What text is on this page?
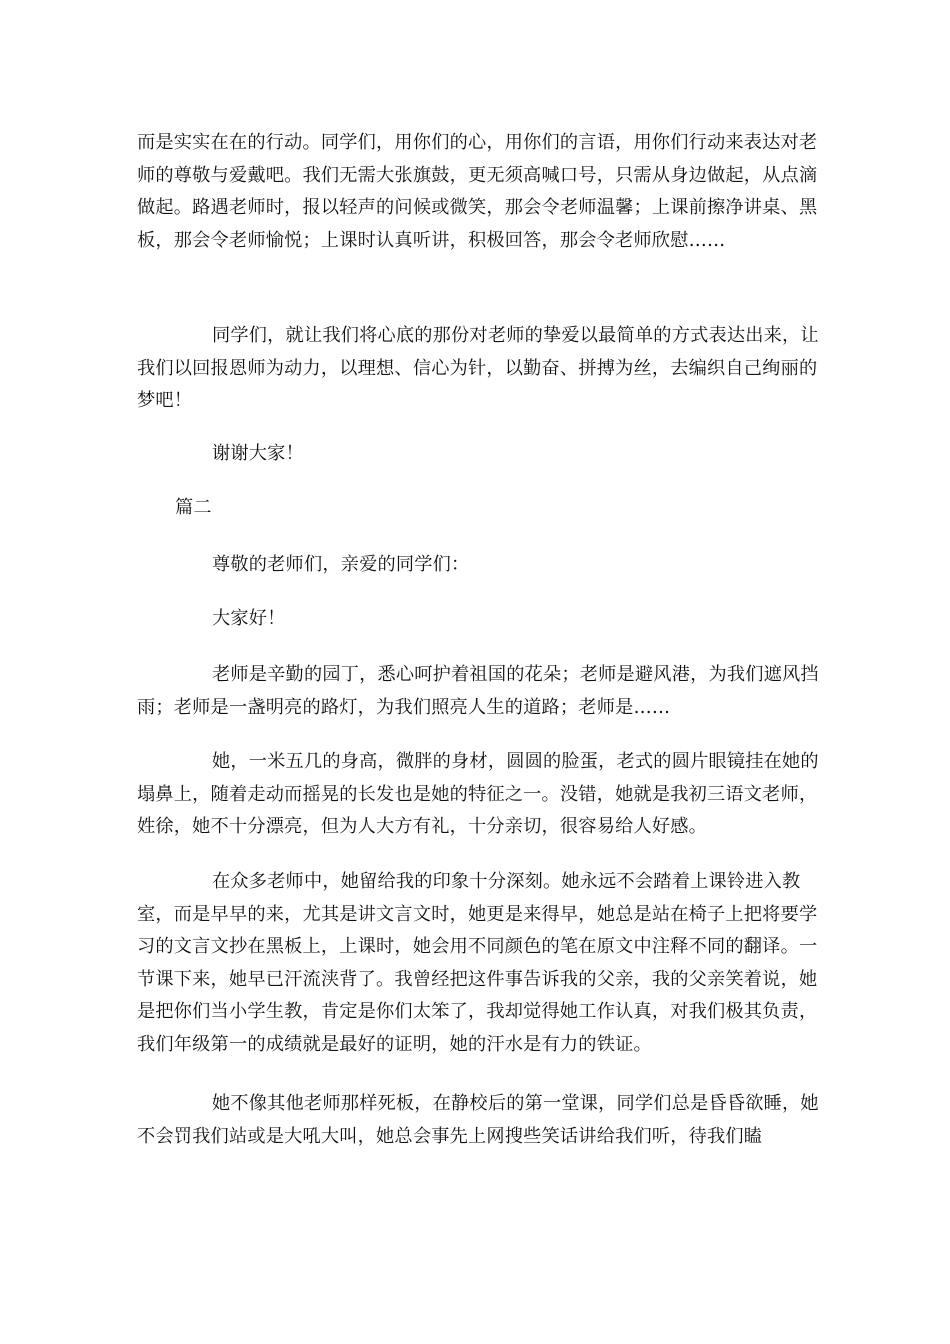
而是实实在在的行动。同学们，用你们的心，用你们的言语，用你们行动来表达对老师的尊敬与爱戴吧。我们无需大张旗鼓，更无须高喊口号，只需从身边做起，从点滴做起。路遇老师时，报以轻声的问候或微笑，那会令老师温馨；上课前擦净讲桌、黑板，那会令老师愉悦；上课时认真听讲，积极回答，那会令老师欣慰……

同学们，就让我们将心底的那份对老师的挚爱以最简单的方式表达出来，让我们以回报恩师为动力，以理想、信心为针，以勤奋、拼搏为丝，去编织自己绚丽的梦吧！

谢谢大家！

篇二

尊敬的老师们，亲爱的同学们：

大家好！

老师是辛勤的园丁，悉心呵护着祖国的花朵；老师是避风港，为我们遮风挡雨；老师是一盏明亮的路灯，为我们照亮人生的道路；老师是……

她，一米五几的身高，微胖的身材，圆圆的脸蛋，老式的圆片眼镜挂在她的塌鼻上，随着走动而摇晃的长发也是她的特征之一。没错，她就是我初三语文老师，姓徐，她不十分漂亮，但为人大方有礼，十分亲切，很容易给人好感。

在众多老师中，她留给我的印象十分深刻。她永远不会踏着上课铃进入教室，而是早早的来，尤其是讲文言文时，她更是来得早，她总是站在椅子上把将要学习的文言文抄在黑板上，上课时，她会用不同颜色的笔在原文中注释不同的翻译。一节课下来，她早已汗流浃背了。我曾经把这件事告诉我的父亲，我的父亲笑着说，她是把你们当小学生教，肯定是你们太笨了，我却觉得她工作认真，对我们极其负责，我们年级第一的成绩就是最好的证明，她的汗水是有力的铁证。

她不像其他老师那样死板，在静校后的第一堂课，同学们总是昏昏欲睡，她不会罚我们站或是大吼大叫，她总会事先上网搜些笑话讲给我们听，待我们瞌
